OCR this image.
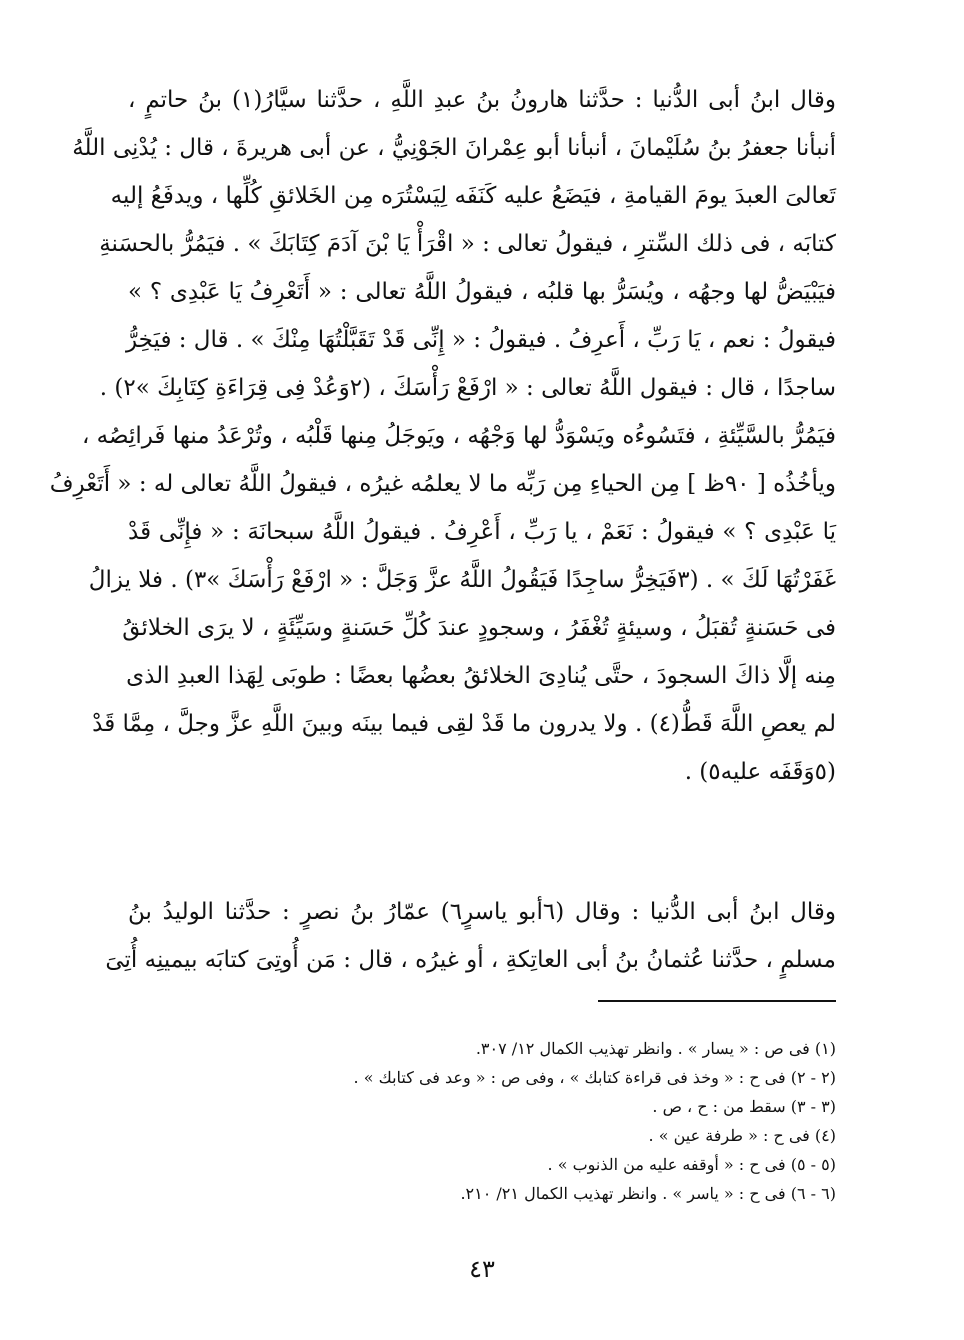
وقال ابنُ أبى الدُّنيا : حدَّثنا هارونُ بنُ عبدِ اللَّهِ ، حدَّثنا سيَّارُ(١) بنُ حاتمٍ ،
أنبأنا جعفرُ بنُ سُلَيْمانَ ، أنبأنا أبو عِمْرانَ الجَوْنِيُّ ، عن أبى هريرةَ ، قال : يُدْنِى اللَّهُ
تَعالىَ العبدَ يومَ القيامةِ ، فيَضَعُ عليه كَنَفَه لِيَسْتُرَه مِن الخَلائقِ كُلِّها ، ويدفَعُ إليه
كتابَه ، فى ذلك السِّترِ ، فيقولُ تعالى : « اقْرَأْ يَا بْنَ آدَمَ كِتَابَكَ » . فيَمُرُّ بالحسَنةِ
فيَبْيَضُّ لها وجهُه ، ويُسَرُّ بها قلبُه ، فيقولُ اللَّهُ تعالى : « أَتَعْرِفُ يَا عَبْدِى ؟ »
فيقولُ : نعم ، يَا رَبِّ ، أَعرِفُ . فيقولُ : « إِنِّى قَدْ تَقَبَّلْتُهَا مِنْكَ » . قال : فيَخِرُّ
ساجدًا ، قال : فيقول اللَّهُ تعالى : « ارْفَعْ رَأْسَكَ ، (٢وَعُدْ فِى قِرَاءَةِ كِتَابِكَ »٢) .
فيَمُرُّ بالسَّيِّئةِ ، فتَسُوءُه ويَسْوَدُّ لها وَجْهُه ، ويَوجَلُ مِنها قَلْبُه ، وتُرْعَدُ منها فَرائِصُه ،
ويأخُذُه [ ٩٠ظ ] مِن الحياءِ مِن رَبِّه ما لا يعلمُه غيرُه ، فيقولُ اللَّهُ تعالى له : « أَتَعْرِفُ
يَا عَبْدِى ؟ » فيقولُ : نَعَمْ ، يا رَبِّ ، أَعْرِفُ . فيقولُ اللَّهُ سبحانَهَ : « فإِنِّى قَدْ
غَفَرْتُهَا لَكَ » . (٣فَيَخِرُّ ساجِدًا فَيَقُولُ اللَّهُ عزَّ وَجَلَّ : « ارْفَعْ رَأْسَكَ »٣) . فلا يزالُ
فى حَسَنةٍ تُقبَلُ ، وسيئةٍ تُغْفَرُ ، وسجودٍ عندَ كُلِّ حَسَنةٍ وسَيِّئَةٍ ، لا يرَى الخلائقُ
مِنه إلَّا ذاكَ السجودَ ، حتَّى يُنادِىَ الخلائقُ بعضُها بعضًا : طوبَى لِهَذا العبدِ الذى
لم يعصِ اللَّهَ قَطُّ(٤) . ولا يدرون ما قَدْ لقِى فيما بينَه وبينَ اللَّهِ عزَّ وجلَّ ، مِمَّا قَدْ
(٥وَقَفَه عليه٥) .
وقال ابنُ أبى الدُّنيا : وقال (٦أبو ياسرٍ٦) عمّارُ بنُ نصرٍ : حدَّثنا الوليدُ بنُ
مسلمٍ ، حدَّثنا عُثمانُ بنُ أبى العاتِكةِ ، أو غيرُه ، قال : مَن أُوتِىَ كتابَه بيمينِه أُتِىَ
(١) فى ص : « يسار » . وانظر تهذيب الكمال ١٢/ ٣٠٧.
(٢ - ٢) فى ح : « وخذ فى قراءة كتابك » ، وفى ص : « وعد فى كتابك » .
(٣ - ٣) سقط من : ح ، ص .
(٤) فى ح : « طرفة عين » .
(٥ - ٥) فى ح : « أوقفه عليه من الذنوب » .
(٦ - ٦) فى ح : « ياسر » . وانظر تهذيب الكمال ٢١/ ٢١٠.
٤٣
